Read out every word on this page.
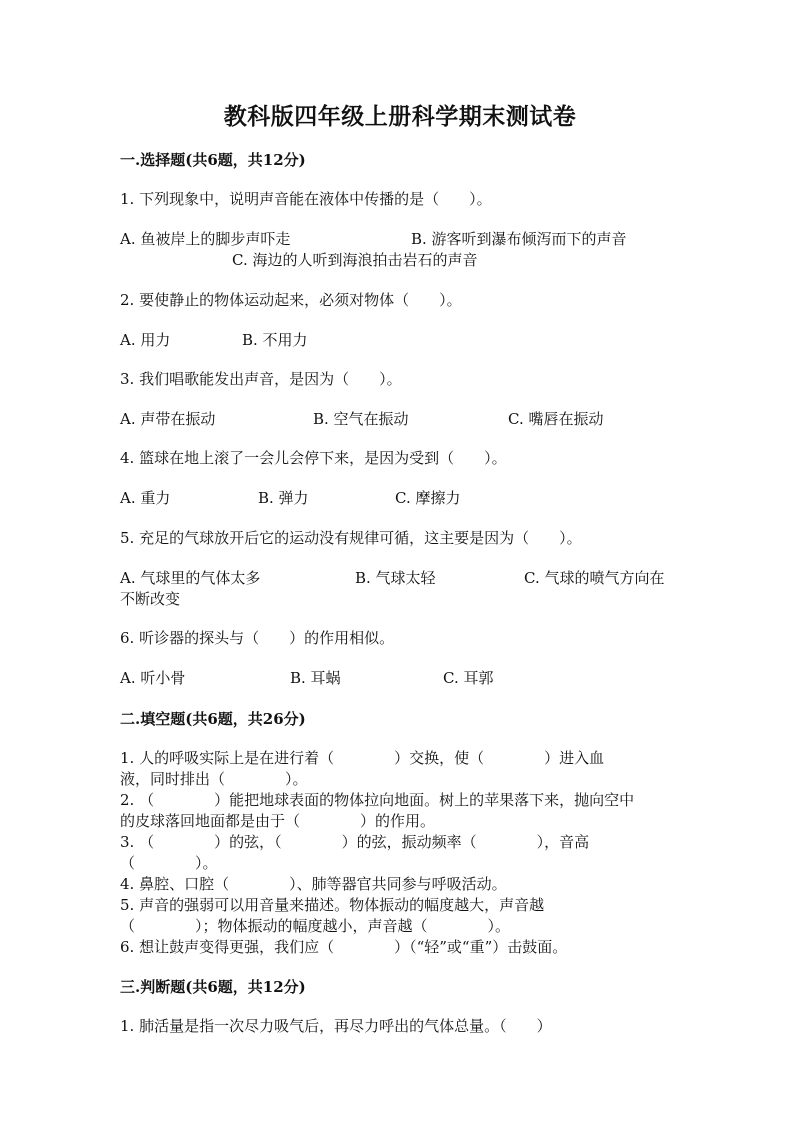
教科版四年级上册科学期末测试卷
一.选择题(共6题，共12分)
1. 下列现象中，说明声音能在液体中传播的是（　　）。
A. 鱼被岸上的脚步声吓走	B. 游客听到瀑布倾泻而下的声音
C. 海边的人听到海浪拍击岩石的声音
2. 要使静止的物体运动起来，必须对物体（　　）。
A. 用力	B. 不用力
3. 我们唱歌能发出声音，是因为（　　）。
A. 声带在振动	B. 空气在振动	C. 嘴唇在振动
4. 篮球在地上滚了一会儿会停下来，是因为受到（　　）。
A. 重力	B. 弹力	C. 摩擦力
5. 充足的气球放开后它的运动没有规律可循，这主要是因为（　　）。
A. 气球里的气体太多	B. 气球太轻	C. 气球的喷气方向在
不断改变
6. 听诊器的探头与（　　）的作用相似。
A. 听小骨	B. 耳蜗	C. 耳郭
二.填空题(共6题，共26分)
1. 人的呼吸实际上是在进行着（　　　　）交换，使（　　　　）进入血
液，同时排出（　　　　）。
2. （　　　　）能把地球表面的物体拉向地面。树上的苹果落下来，抛向空中
的皮球落回地面都是由于（　　　　）的作用。
3. （　　　　）的弦，（　　　　）的弦，振动频率（　　　　），音高
（　　　　）。
4. 鼻腔、口腔（　　　　）、肺等器官共同参与呼吸活动。
5. 声音的强弱可以用音量来描述。物体振动的幅度越大，声音越
（　　　　）；物体振动的幅度越小，声音越（　　　　）。
6. 想让鼓声变得更强，我们应（　　　　）（“轻”或“重”）击鼓面。
三.判断题(共6题，共12分)
1. 肺活量是指一次尽力吸气后，再尽力呼出的气体总量。（　　）
